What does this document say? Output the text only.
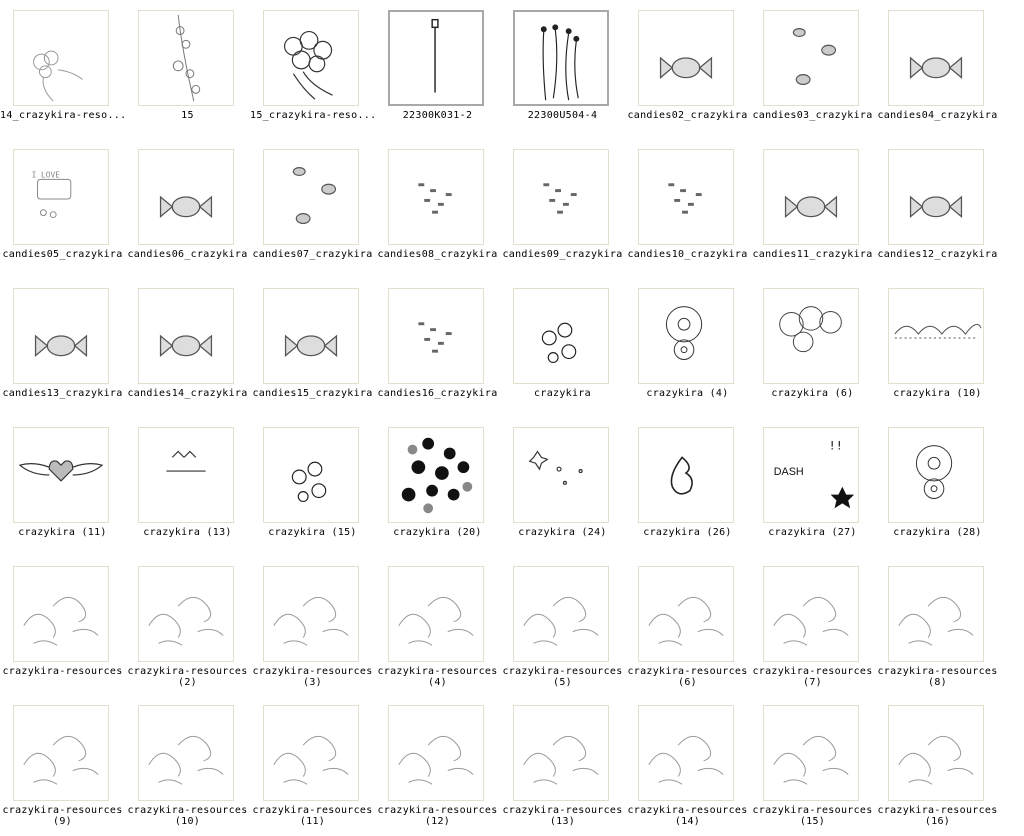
14_crazykira-reso...	15	15_crazykira-reso...	22300K031-2	22300U504-4	candies02_crazykira candies03_crazykira candies04_crazykira
I LOVE
candies05_crazykira candies06_crazykira candies07_crazykira candies08_crazykira candies09_crazykira candies10_crazykira candies11_crazykira candies12_crazykira
candies13_crazykira candies14_crazykira candies15_crazykira candies16_crazykira	crazykira	crazykira (4)	crazykira (6)	crazykira (10)
crazykira (11)	crazykira (13)	crazykira (15)	crazykira (20)	crazykira (24)	crazykira (26)
DASH
!!
crazykira (27)	crazykira (28)
crazykira-resources crazykira-resources
(2)
crazykira-resources
(3)
crazykira-resources
(4)
crazykira-resources
(5)
crazykira-resources
(6)
crazykira-resources
(7)
crazykira-resources
(8)
crazykira-resources
(9)
crazykira-resources
(10)
crazykira-resources
(11)
crazykira-resources
(12)
crazykira-resources
(13)
crazykira-resources
(14)
crazykira-resources
(15)
crazykira-resources
(16)
